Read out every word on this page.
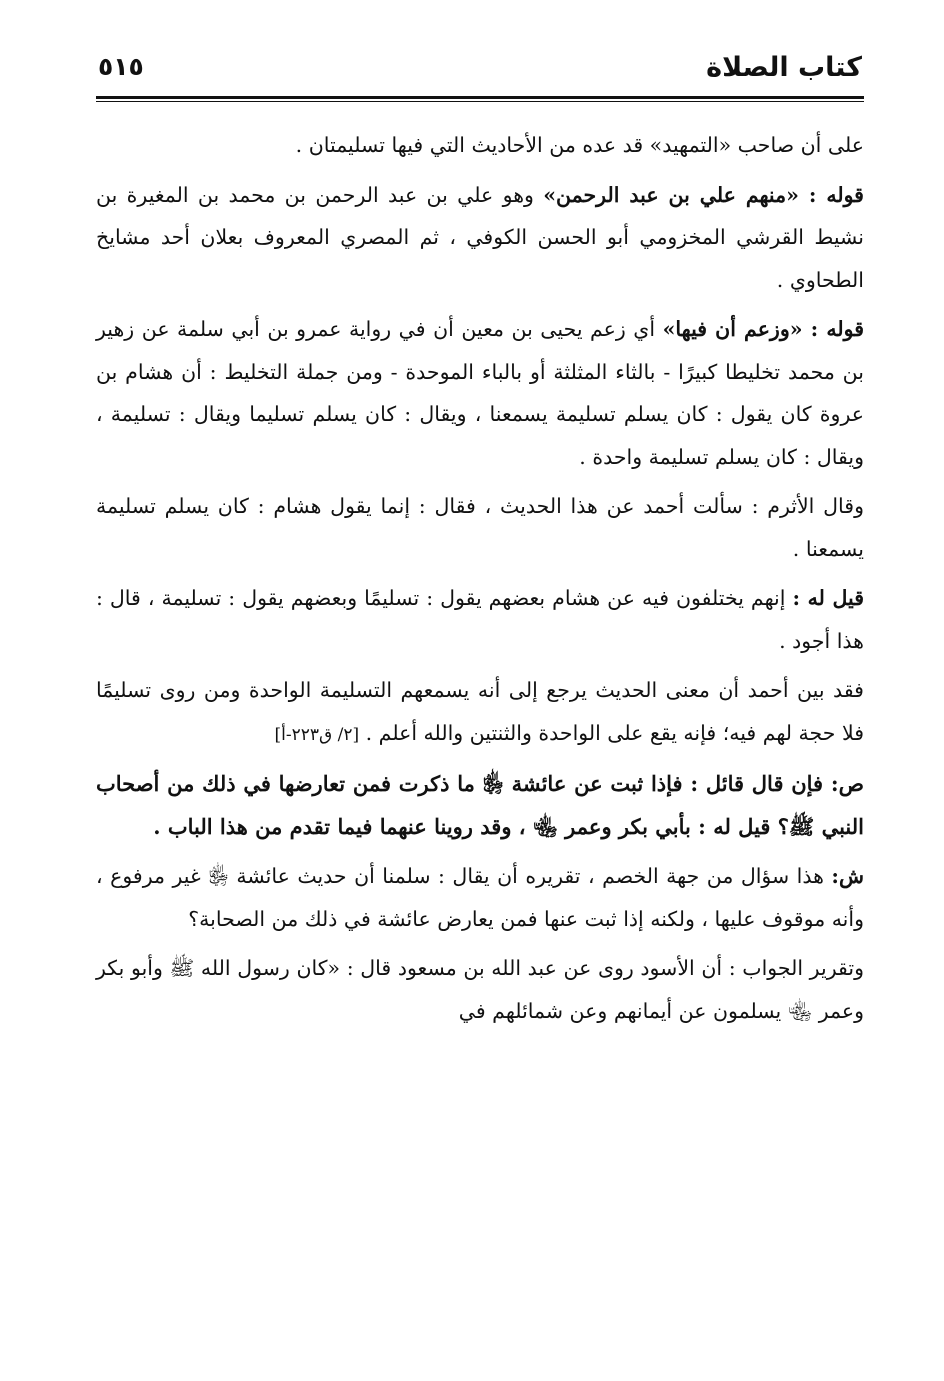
كتاب الصلاة
٥١٥

على أن صاحب «التمهيد» قد عده من الأحاديث التي فيها تسليمتان .

قوله : «منهم علي بن عبد الرحمن» وهو علي بن عبد الرحمن بن محمد بن المغيرة بن نشيط القرشي المخزومي أبو الحسن الكوفي ، ثم المصري المعروف بعلان أحد مشايخ الطحاوي .

قوله : «وزعم أن فيها» أي زعم يحيى بن معين أن في رواية عمرو بن أبي سلمة عن زهير بن محمد تخليطا كبيرًا - بالثاء المثلثة أو بالباء الموحدة - ومن جملة التخليط : أن هشام بن عروة كان يقول : كان يسلم تسليمة يسمعنا ، ويقال : كان يسلم تسليما ويقال : تسليمة ، ويقال : كان يسلم تسليمة واحدة .

وقال الأثرم : سألت أحمد عن هذا الحديث ، فقال : إنما يقول هشام : كان يسلم تسليمة يسمعنا .

قيل له : إنهم يختلفون فيه عن هشام بعضهم يقول : تسليمًا وبعضهم يقول : تسليمة ، قال : هذا أجود .

فقد بين أحمد أن معنى الحديث يرجع إلى أنه يسمعهم التسليمة الواحدة ومن روى تسليمًا فلا حجة لهم فيه؛ فإنه يقع على الواحدة والثنتين والله أعلم . [٢/ ق٢٢٣-أ]

ص: فإن قال قائل : فإذا ثبت عن عائشة ﵂ ما ذكرت فمن تعارضها في ذلك من أصحاب النبي ﷺ؟ قيل له : بأبي بكر وعمر ﵄ ، وقد روينا عنهما فيما تقدم من هذا الباب .

ش: هذا سؤال من جهة الخصم ، تقريره أن يقال : سلمنا أن حديث عائشة ﵂ غير مرفوع ، وأنه موقوف عليها ، ولكنه إذا ثبت عنها فمن يعارض عائشة في ذلك من الصحابة؟

وتقرير الجواب : أن الأسود روى عن عبد الله بن مسعود قال : «كان رسول الله ﷺ وأبو بكر وعمر ﵄ يسلمون عن أيمانهم وعن شمائلهم في
